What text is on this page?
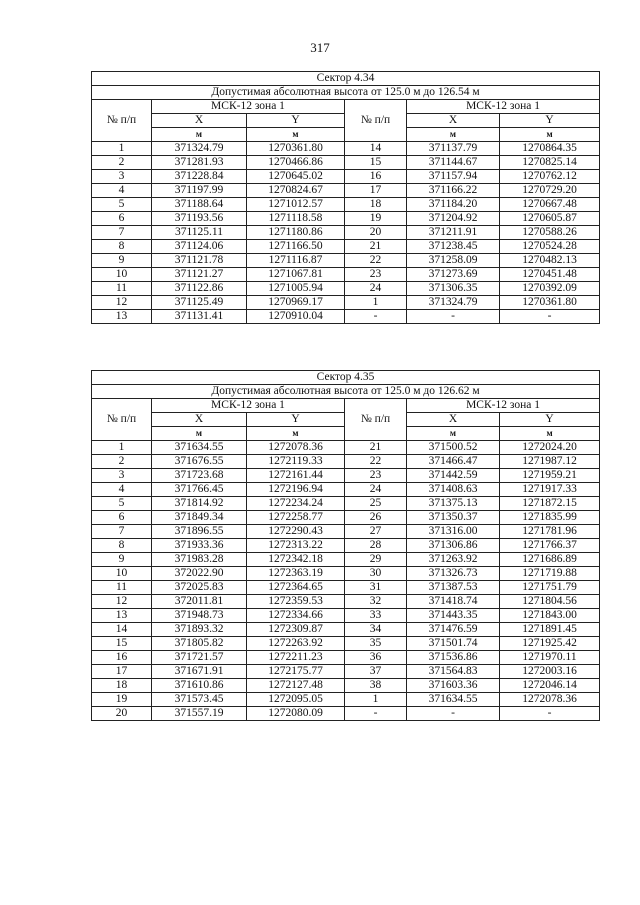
317
Сектор 4.34					
Допустимая абсолютная высота от 125.0 м до 126.54 м					
№ п/п	МСК-12 зона 1		№ п/п	МСК-12 зона 1	
	X	Y		X	Y
	м	м		м	м
1	371324.79	1270361.80	14	371137.79	1270864.35
2	371281.93	1270466.86	15	371144.67	1270825.14
3	371228.84	1270645.02	16	371157.94	1270762.12
4	371197.99	1270824.67	17	371166.22	1270729.20
5	371188.64	1271012.57	18	371184.20	1270667.48
6	371193.56	1271118.58	19	371204.92	1270605.87
7	371125.11	1271180.86	20	371211.91	1270588.26
8	371124.06	1271166.50	21	371238.45	1270524.28
9	371121.78	1271116.87	22	371258.09	1270482.13
10	371121.27	1271067.81	23	371273.69	1270451.48
11	371122.86	1271005.94	24	371306.35	1270392.09
12	371125.49	1270969.17	1	371324.79	1270361.80
13	371131.41	1270910.04	-	-	-
Сектор 4.35					
Допустимая абсолютная высота от 125.0 м до 126.62 м					
№ п/п	МСК-12 зона 1		№ п/п	МСК-12 зона 1	
	X	Y		X	Y
	м	м		м	м
1	371634.55	1272078.36	21	371500.52	1272024.20
2	371676.55	1272119.33	22	371466.47	1271987.12
3	371723.68	1272161.44	23	371442.59	1271959.21
4	371766.45	1272196.94	24	371408.63	1271917.33
5	371814.92	1272234.24	25	371375.13	1271872.15
6	371849.34	1272258.77	26	371350.37	1271835.99
7	371896.55	1272290.43	27	371316.00	1271781.96
8	371933.36	1272313.22	28	371306.86	1271766.37
9	371983.28	1272342.18	29	371263.92	1271686.89
10	372022.90	1272363.19	30	371326.73	1271719.88
11	372025.83	1272364.65	31	371387.53	1271751.79
12	372011.81	1272359.53	32	371418.74	1271804.56
13	371948.73	1272334.66	33	371443.35	1271843.00
14	371893.32	1272309.87	34	371476.59	1271891.45
15	371805.82	1272263.92	35	371501.74	1271925.42
16	371721.57	1272211.23	36	371536.86	1271970.11
17	371671.91	1272175.77	37	371564.83	1272003.16
18	371610.86	1272127.48	38	371603.36	1272046.14
19	371573.45	1272095.05	1	371634.55	1272078.36
20	371557.19	1272080.09	-	-	-
